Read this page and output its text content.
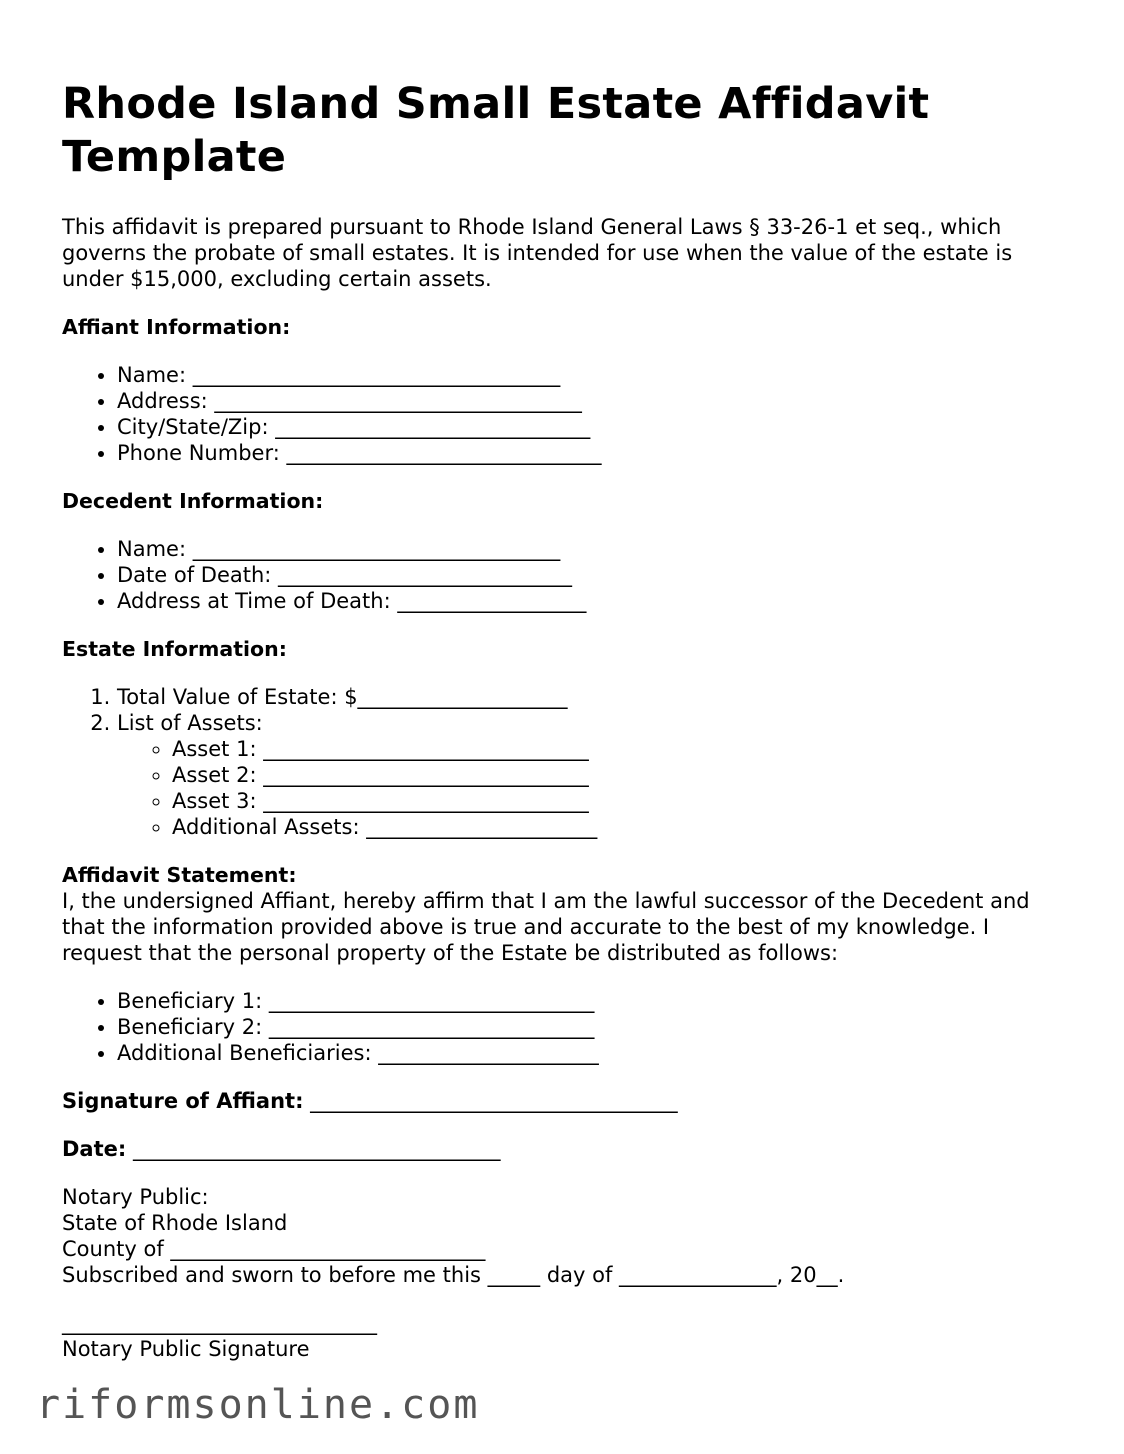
Rhode Island Small Estate Affidavit Template

This affidavit is prepared pursuant to Rhode Island General Laws § 33-26-1 et seq., which governs the probate of small estates. It is intended for use when the value of the estate is under $15,000, excluding certain assets.

Affiant Information:
• Name: ___________________________________
• Address: ___________________________________
• City/State/Zip: ______________________________
• Phone Number: ______________________________
Decedent Information:
• Name: ___________________________________
• Date of Death: ____________________________
• Address at Time of Death: __________________
Estate Information:
1. Total Value of Estate: $____________________
2. List of Assets:
◦ Asset 1: _______________________________
◦ Asset 2: _______________________________
◦ Asset 3: _______________________________
◦ Additional Assets: ______________________
Affidavit Statement:

I, the undersigned Affiant, hereby affirm that I am the lawful successor of the Decedent and that the information provided above is true and accurate to the best of my knowledge. I request that the personal property of the Estate be distributed as follows:

• Beneficiary 1: _______________________________
• Beneficiary 2: _______________________________
• Additional Beneficiaries: _____________________
Signature of Affiant: ___________________________________
Date: ___________________________________
Notary Public:
State of Rhode Island
County of ______________________________
Subscribed and sworn to before me this _____ day of _______________, 20__.
______________________________
Notary Public Signature
riformsonline.com
